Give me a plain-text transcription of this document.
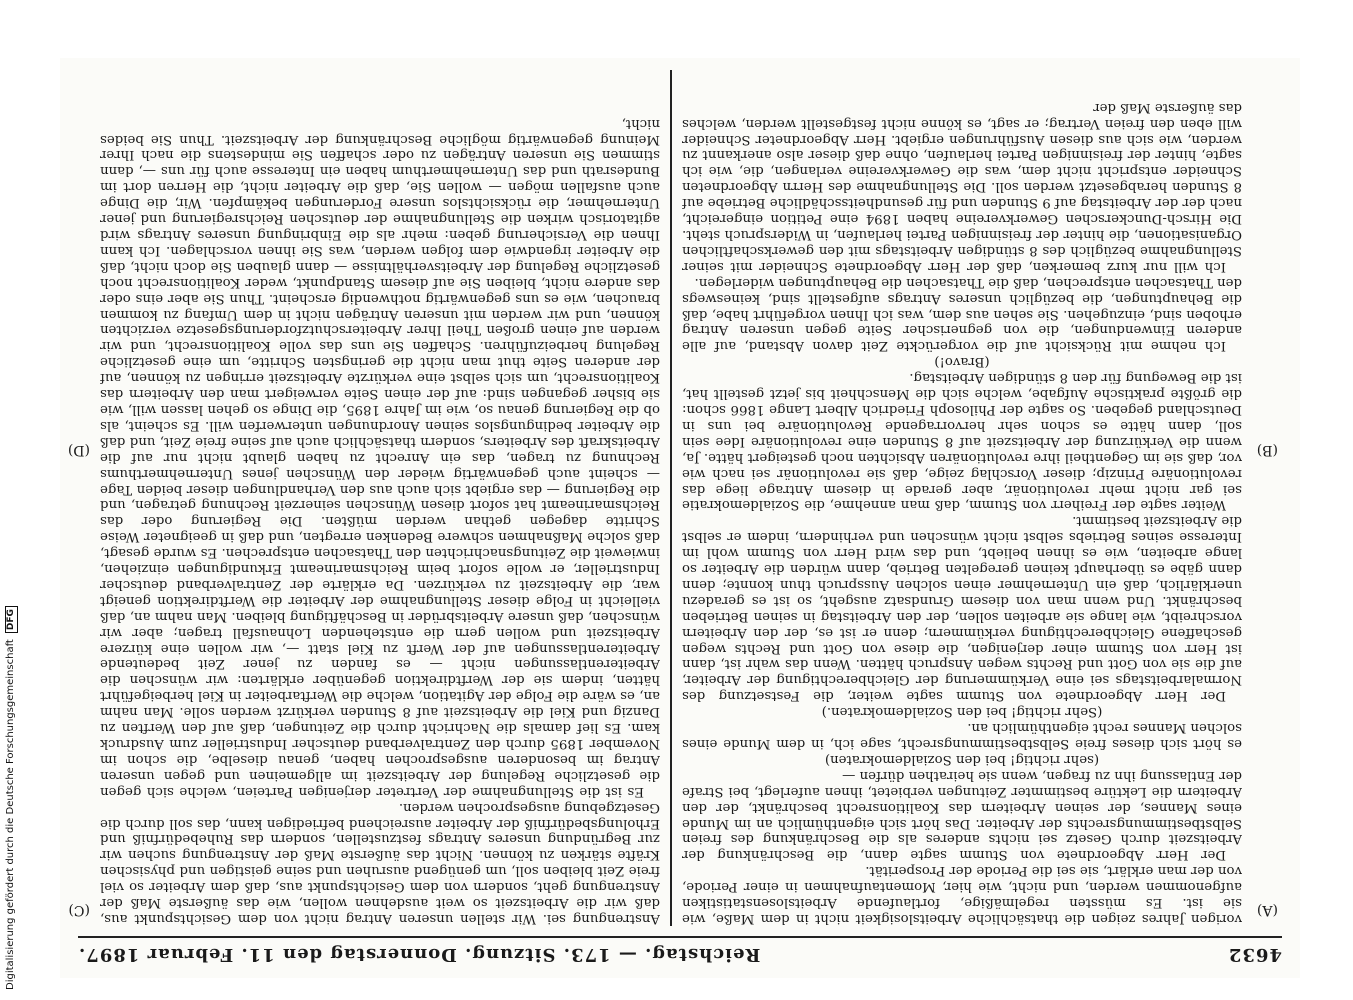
4632
Reichstag. — 173. Sitzung. Donnerstag den 11. Februar 1897.
(A)
(B)
(C)
(D)

vorigen Jahres zeigen die thatsächliche Arbeitslosigkeit nicht in dem Maße, wie sie ist. Es müssten regelmäßige, fortlaufende Arbeitslosenstatistiken aufgenommen werden, und nicht, wie hier, Momentaufnahmen in einer Periode, von der man erklärt, sie sei die Periode der Prosperität.

Der Herr Abgeordnete von Stumm sagte dann, die Beschränkung der Arbeitszeit durch Gesetz sei nichts anderes als die Beschränkung des freien Selbstbestimmungsrechts der Arbeiter. Das hört sich eigenthümlich an im Munde eines Mannes, der seinen Arbeitern das Koalitionsrecht beschränkt, der den Arbeitern die Lektüre bestimmter Zeitungen verbietet, ihnen auferlegt, bei Strafe der Entlassung ihn zu fragen, wenn sie heirathen dürfen —

(sehr richtig! bei den Sozialdemokraten)

es hört sich dieses freie Selbstbestimmungsrecht, sage ich, in dem Munde eines solchen Mannes recht eigenthümlich an.

(Sehr richtig! bei den Sozialdemokraten.)

Der Herr Abgeordnete von Stumm sagte weiter, die Festsetzung des Normalarbeitstags sei eine Verkümmerung der Gleichberechtigung der Arbeiter, auf die sie von Gott und Rechts wegen Anspruch hätten. Wenn das wahr ist, dann ist Herr von Stumm einer derjenigen, die diese von Gott und Rechts wegen geschaffene Gleichberechtigung verkümmern; denn er ist es, der den Arbeitern vorschreibt, wie lange sie arbeiten sollen, der den Arbeitstag in seinen Betrieben beschränkt. Und wenn man von diesem Grundsatz ausgeht, so ist es geradezu unerklärlich, daß ein Unternehmer einen solchen Ausspruch thun konnte; denn dann gäbe es überhaupt keinen geregelten Betrieb, dann würden die Arbeiter so lange arbeiten, wie es ihnen beliebt, und das wird Herr von Stumm wohl im Interesse seines Betriebs selbst nicht wünschen und verhindern, indem er selbst die Arbeitszeit bestimmt.

Weiter sagte der Freiherr von Stumm, daß man annehme, die Sozialdemokratie sei gar nicht mehr revolutionär, aber gerade in diesem Antrage liege das revolutionäre Prinzip; dieser Vorschlag zeige, daß sie revolutionär sei nach wie vor, daß sie im Gegentheil ihre revolutionären Absichten noch gesteigert hätte. Ja, wenn die Verkürzung der Arbeitszeit auf 8 Stunden eine revolutionäre Idee sein soll, dann hätte es schon sehr hervorragende Revolutionäre bei uns in Deutschland gegeben. So sagte der Philosoph Friedrich Albert Lange 1866 schon: die größte praktische Aufgabe, welche sich die Menschheit bis jetzt gestellt hat, ist die Bewegung für den 8 stündigen Arbeitstag.

(Bravo!)

Ich nehme mit Rücksicht auf die vorgerückte Zeit davon Abstand, auf alle anderen Einwendungen, die von gegnerischer Seite gegen unseren Antrag erhoben sind, einzugehen. Sie sehen aus dem, was ich Ihnen vorgeführt habe, daß die Behauptungen, die bezüglich unseres Antrags aufgestellt sind, keineswegs den Thatsachen entsprechen, daß die Thatsachen die Behauptungen widerlegen.

Ich will nur kurz bemerken, daß der Herr Abgeordnete Schneider mit seiner Stellungnahme bezüglich des 8 stündigen Arbeitstags mit den gewerkschaftlichen Organisationen, die hinter der freisinnigen Partei herlaufen, in Widerspruch steht. Die Hirsch-Dunckerschen Gewerkvereine haben 1894 eine Petition eingereicht, nach der der Arbeitstag auf 9 Stunden und für gesundheitsschädliche Betriebe auf 8 Stunden herabgesetzt werden soll. Die Stellungnahme des Herrn Abgeordneten Schneider entspricht nicht dem, was die Gewerkvereine verlangen, die, wie ich sagte, hinter der freisinnigen Partei herlaufen, ohne daß dieser also anerkannt zu werden, wie sich aus diesen Ausführungen ergiebt. Herr Abgeordneter Schneider will eben den freien Vertrag; er sagt, es könne nicht festgestellt werden, welches das äußerste Maß der

Anstrengung sei. Wir stellen unseren Antrag nicht von dem Gesichtspunkt aus, daß wir die Arbeitszeit so weit ausdehnen wollen, wie das äußerste Maß der Anstrengung geht, sondern von dem Gesichtspunkt aus, daß dem Arbeiter so viel freie Zeit bleiben soll, um genügend ausruhen und seine geistigen und physischen Kräfte stärken zu können. Nicht das äußerste Maß der Anstrengung suchen wir zur Begründung unseres Antrags festzustellen, sondern das Ruhebedürfniß und Erholungsbedürfniß der Arbeiter ausreichend befriedigen kann, das soll durch die Gesetzgebung ausgesprochen werden.

Es ist die Stellungnahme der Vertreter derjenigen Parteien, welche sich gegen die gesetzliche Regelung der Arbeitszeit im allgemeinen und gegen unseren Antrag im besonderen ausgesprochen haben, genau dieselbe, die schon im November 1895 durch den Zentralverband deutscher Industrieller zum Ausdruck kam. Es lief damals die Nachricht durch die Zeitungen, daß auf den Werften zu Danzig und Kiel die Arbeitszeit auf 8 Stunden verkürzt werden solle. Man nahm an, es wäre die Folge der Agitation, welche die Werftarbeiter in Kiel herbeigeführt hätten, indem sie der Werftdirektion gegenüber erklärten: wir wünschen die Arbeiterentlassungen nicht — es fanden zu jener Zeit bedeutende Arbeiterentlassungen auf der Werft zu Kiel statt —, wir wollen eine kürzere Arbeitszeit und wollen gern die entstehenden Lohnausfall tragen; aber wir wünschen, daß unsere Arbeitsbrüder in Beschäftigung bleiben. Man nahm an, daß vielleicht in Folge dieser Stellungnahme der Arbeiter die Werftdirektion geneigt war, die Arbeitszeit zu verkürzen. Da erklärte der Zentralverband deutscher Industrieller, er wolle sofort beim Reichsmarineamt Erkundigungen einziehen, inwieweit die Zeitungsnachrichten den Thatsachen entsprechen. Es wurde gesagt, daß solche Maßnahmen schwere Bedenken erregten, und daß in geeigneter Weise Schritte dagegen gethan werden müßten. Die Regierung oder das Reichsmarineamt hat sofort diesen Wünschen seinerzeit Rechnung getragen, und die Regierung — das ergiebt sich auch aus den Verhandlungen dieser beiden Tage — scheint auch gegenwärtig wieder den Wünschen jenes Unternehmerthums Rechnung zu tragen, das ein Anrecht zu haben glaubt nicht nur auf die Arbeitskraft des Arbeiters, sondern thatsächlich auch auf seine freie Zeit, und daß die Arbeiter bedingungslos seinen Anordnungen unterwerfen will. Es scheint, als ob die Regierung genau so, wie im Jahre 1895, die Dinge so gehen lassen will, wie sie bisher gegangen sind: auf der einen Seite verweigert man den Arbeitern das Koalitionsrecht, um sich selbst eine verkürzte Arbeitszeit erringen zu können, auf der anderen Seite thut man nicht die geringsten Schritte, um eine gesetzliche Regelung herbeizuführen. Schaffen Sie uns das volle Koalitionsrecht, und wir werden auf einen großen Theil Ihrer Arbeiterschutzforderungsgesetze verzichten können, und wir werden mit unseren Anträgen nicht in dem Umfang zu kommen brauchen, wie es uns gegenwärtig nothwendig erscheint. Thun Sie aber eins oder das andere nicht, bleiben Sie auf diesem Standpunkt, weder Koalitionsrecht noch gesetzliche Regelung der Arbeitsverhältnisse — dann glauben Sie doch nicht, daß die Arbeiter irgendwie dem folgen werden, was Sie ihnen vorschlagen. Ich kann Ihnen die Versicherung geben: mehr als die Einbringung unseres Antrags wird agitatorisch wirken die Stellungnahme der deutschen Reichsregierung und jener Unternehmer, die rücksichtslos unsere Forderungen bekämpfen. Wir, die Dinge auch ausfallen mögen — wollen Sie, daß die Arbeiter nicht, die Herren dort im Bundesrath und das Unternehmerthum haben ein Interesse auch für uns —, dann stimmen Sie unseren Anträgen zu oder schaffen Sie mindestens die nach Ihrer Meinung gegenwärtig mögliche Beschränkung der Arbeitszeit. Thun Sie beides nicht,

Digitalisierung gefördert durch die Deutsche Forschungsgemeinschaft
DFG
